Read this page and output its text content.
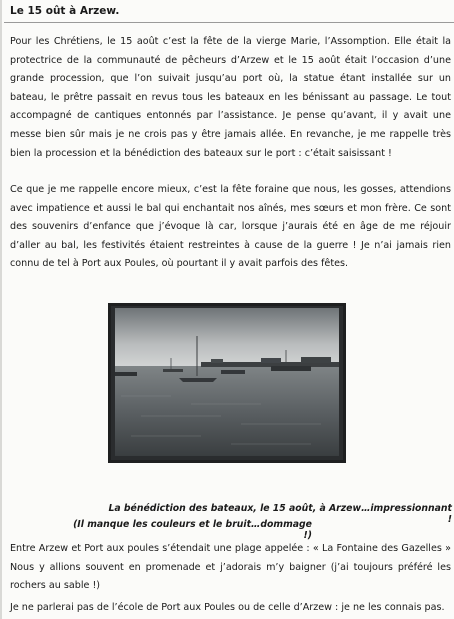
Le 15 oût à Arzew.

Pour les Chrétiens, le 15 août c’est la fête de la vierge Marie, l’Assomption. Elle était la protectrice de la communauté de pêcheurs d’Arzew et le 15 août était l’occasion d’une grande procession, que l’on suivait jusqu’au port où, la statue étant installée sur un bateau, le prêtre passait en revus tous les bateaux en les bénissant au passage. Le tout accompagné de cantiques entonnés par l’assistance. Je pense qu’avant, il y avait une messe bien sûr mais je ne crois pas y être jamais allée. En revanche, je me rappelle très bien la procession et la bénédiction des bateaux sur le port : c’était saisissant !

Ce que je me rappelle encore mieux, c’est la fête foraine que nous, les gosses, attendions avec impatience et aussi le bal qui enchantait nos aînés, mes sœurs et mon frère. Ce sont des souvenirs d’enfance que j’évoque là car, lorsque j’aurais été en âge de me réjouir d’aller au bal, les festivités étaient restreintes à cause de la guerre ! Je n’ai jamais rien connu de tel à Port aux Poules, où pourtant il y avait parfois des fêtes.

La bénédiction des bateaux, le 15 août, à Arzew…impressionnant !
(Il manque les couleurs et le bruit…dommage !)

Entre Arzew et Port aux poules s’étendait une plage appelée : « La Fontaine des Gazelles » Nous y allions souvent en promenade et j’adorais m’y baigner (j’ai toujours préféré les rochers au sable !)

Je ne parlerai pas de l’école de Port aux Poules ou de celle d’Arzew : je ne les connais pas.
